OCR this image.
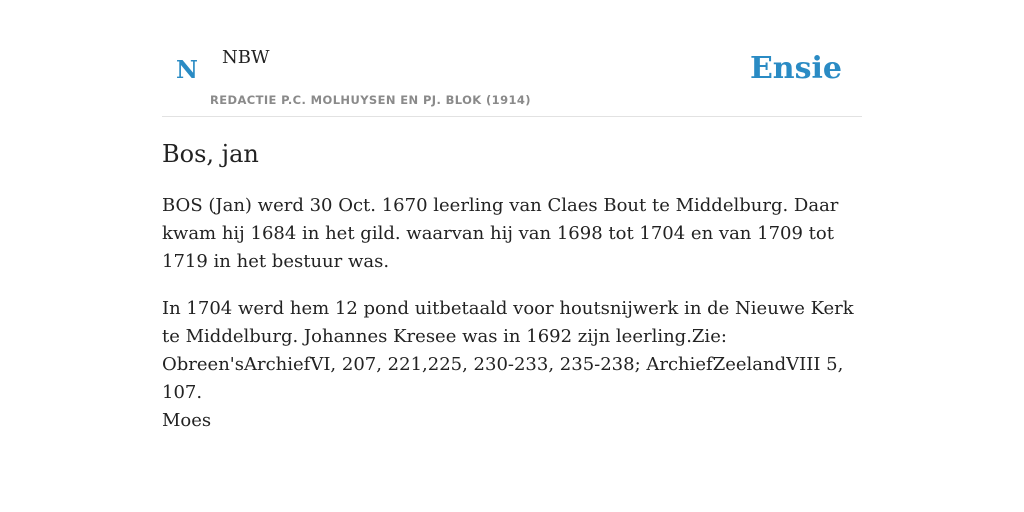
N NBW
REDACTIE P.C. MOLHUYSEN EN PJ. BLOK (1914)
Ensie
Bos, jan

BOS (Jan) werd 30 Oct. 1670 leerling van Claes Bout te Middelburg. Daar kwam hij 1684 in het gild. waarvan hij van 1698 tot 1704 en van 1709 tot 1719 in het bestuur was.

In 1704 werd hem 12 pond uitbetaald voor houtsnijwerk in de Nieuwe Kerk te Middelburg. Johannes Kresee was in 1692 zijn leerling.Zie: Obreen'sArchiefVI, 207, 221,225, 230-233, 235-238; ArchiefZeelandVIII 5, 107.

Moes
